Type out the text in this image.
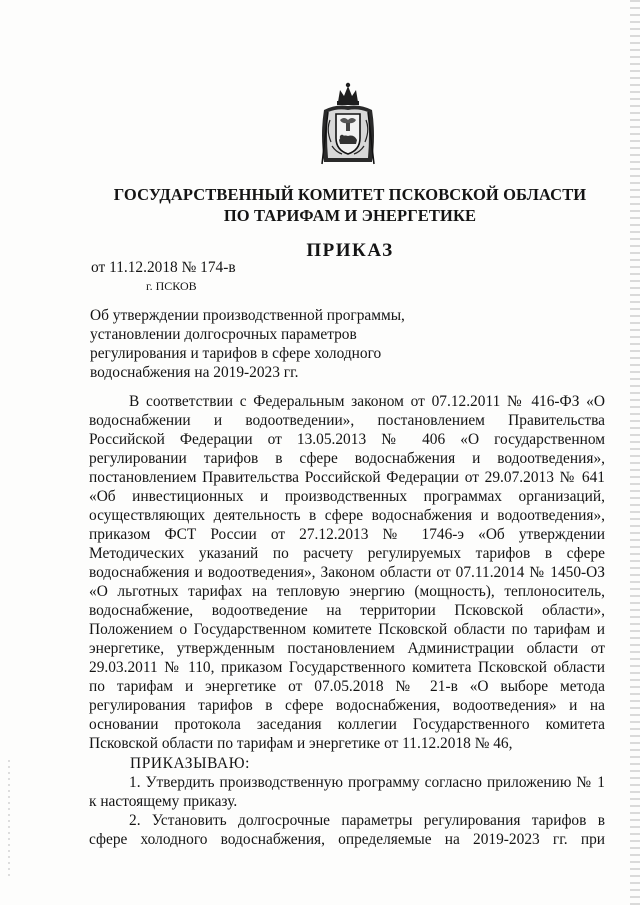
ГОСУДАРСТВЕННЫЙ КОМИТЕТ ПСКОВСКОЙ ОБЛАСТИ
ПО ТАРИФАМ И ЭНЕРГЕТИКЕ
ПРИКАЗ
от 11.12.2018 № 174-в
г. ПСКОВ
Об утверждении производственной программы,
установлении долгосрочных параметров
регулирования и тарифов в сфере холодного
водоснабжения на 2019-2023 гг.
В соответствии с Федеральным законом от 07.12.2011 № 416-ФЗ «О
водоснабжении и водоотведении», постановлением Правительства
Российской Федерации от 13.05.2013 № 406 «О государственном
регулировании тарифов в сфере водоснабжения и водоотведения»,
постановлением Правительства Российской Федерации от 29.07.2013 № 641
«Об инвестиционных и производственных программах организаций,
осуществляющих деятельность в сфере водоснабжения и водоотведения»,
приказом ФСТ России от 27.12.2013 № 1746-э «Об утверждении
Методических указаний по расчету регулируемых тарифов в сфере
водоснабжения и водоотведения», Законом области от 07.11.2014 № 1450-ОЗ
«О льготных тарифах на тепловую энергию (мощность), теплоноситель,
водоснабжение, водоотведение на территории Псковской области»,
Положением о Государственном комитете Псковской области по тарифам и
энергетике, утвержденным постановлением Администрации области от
29.03.2011 № 110, приказом Государственного комитета Псковской области
по тарифам и энергетике от 07.05.2018 № 21-в «О выборе метода
регулирования тарифов в сфере водоснабжения, водоотведения» и на
основании протокола заседания коллегии Государственного комитета
Псковской области по тарифам и энергетике от 11.12.2018 № 46,
ПРИКАЗЫВАЮ:
1. Утвердить производственную программу согласно приложению № 1
к настоящему приказу.
2. Установить долгосрочные параметры регулирования тарифов в
сфере холодного водоснабжения, определяемые на 2019-2023 гг. при
